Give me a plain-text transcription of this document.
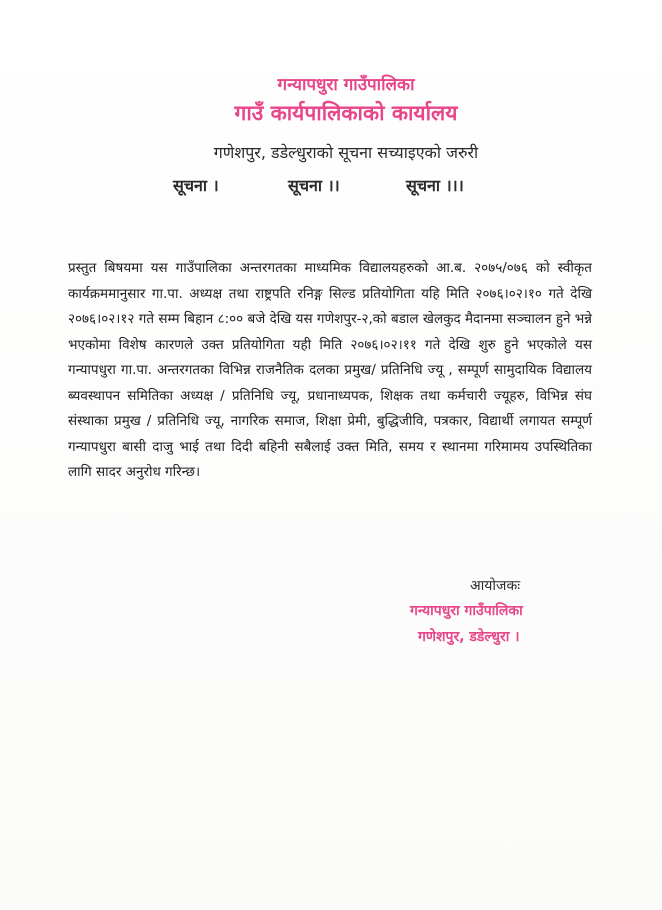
गन्यापधुरा गाउँपालिका
गाउँ कार्यपालिकाको कार्यालय
गणेशपुर, डडेल्धुराको सूचना सच्याइएको जरुरी
सूचना ।	सूचना ।।	सूचना ।।।
प्रस्तुत बिषयमा यस गाउँपालिका अन्तरगतका माध्यमिक विद्यालयहरुको आ.ब. २०७५/०७६ को स्वीकृत कार्यक्रममानुसार गा.पा. अध्यक्ष तथा राष्ट्रपति रनिङ्ग सिल्ड प्रतियोगिता यहि मिति २०७६।०२।१० गते देखि २०७६।०२।१२ गते सम्म बिहान ८:०० बजे देखि यस गणेशपुर-२,को बडाल खेलकुद मैदानमा सञ्चालन हुने भन्ने भएकोमा विशेष कारणले उक्त प्रतियोगिता यही मिति २०७६।०२।११ गते देखि शुरु हुने भएकोले यस गन्यापधुरा गा.पा. अन्तरगतका विभिन्न राजनैतिक दलका प्रमुख/ प्रतिनिधि ज्यू , सम्पूर्ण सामुदायिक विद्यालय ब्यवस्थापन समितिका अध्यक्ष / प्रतिनिधि ज्यू, प्रधानाध्यपक, शिक्षक तथा कर्मचारी ज्यूहरु, विभिन्न संघ संस्थाका प्रमुख / प्रतिनिधि ज्यू, नागरिक समाज, शिक्षा प्रेमी, बुद्धिजीवि, पत्रकार, विद्यार्थी लगायत सम्पूर्ण गन्यापधुरा बासी दाजु भाई तथा दिदी बहिनी सबैलाई उक्त मिति, समय र स्थानमा गरिमामय उपस्थितिका लागि सादर अनुरोध गरिन्छ।
आयोजकः
गन्यापधुरा गाउँपालिका
गणेशपुर, डडेल्धुरा ।
